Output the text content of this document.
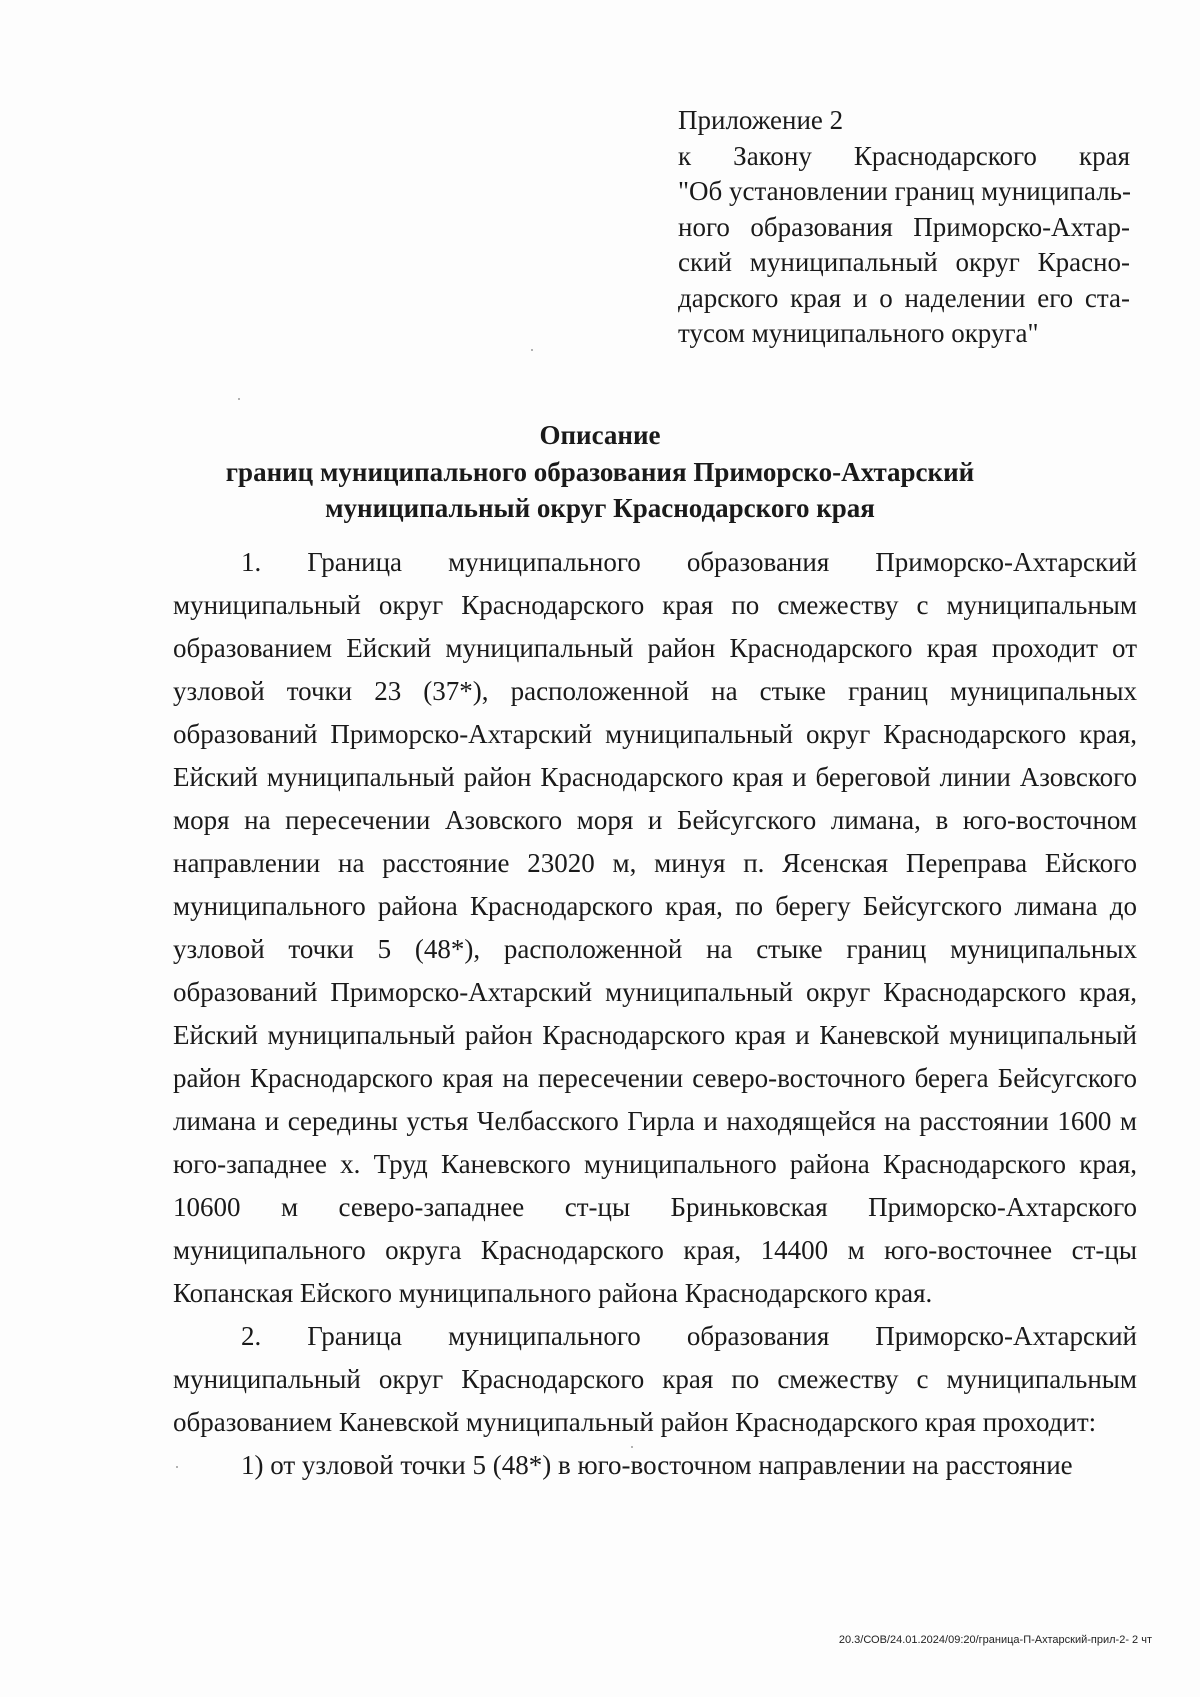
Приложение 2
к Закону Краснодарского края
"Об установлении границ муниципаль-
ного образования Приморско-Ахтар-
ский муниципальный округ Красно-
дарского края и о наделении его ста-
тусом муниципального округа"
Описание
границ муниципального образования Приморско-Ахтарский
муниципальный округ Краснодарского края

1. Граница муниципального образования Приморско-Ахтарский муниципальный округ Краснодарского края по смежеству с муниципальным образованием Ейский муниципальный район Краснодарского края проходит от узловой точки 23 (37*), расположенной на стыке границ муниципальных образований Приморско-Ахтарский муниципальный округ Краснодарского края, Ейский муниципальный район Краснодарского края и береговой линии Азовского моря на пересечении Азовского моря и Бейсугского лимана, в юго-восточном направлении на расстояние 23020 м, минуя п. Ясенская Переправа Ейского муниципального района Краснодарского края, по берегу Бейсугского лимана до узловой точки 5 (48*), расположенной на стыке границ муниципальных образований Приморско-Ахтарский муниципальный округ Краснодарского края, Ейский муниципальный район Краснодарского края и Каневской муниципальный район Краснодарского края на пересечении северо-восточного берега Бейсугского лимана и середины устья Челбасского Гирла и находящейся на расстоянии 1600 м юго-западнее х. Труд Каневского муниципального района Краснодарского края, 10600 м северо-западнее ст-цы Бриньковская Приморско-Ахтарского муниципального округа Краснодарского края, 14400 м юго-восточнее ст-цы Копанская Ейского муниципального района Краснодарского края.

2. Граница муниципального образования Приморско-Ахтарский муниципальный округ Краснодарского края по смежеству с муниципальным образованием Каневской муниципальный район Краснодарского края проходит:

1) от узловой точки 5 (48*) в юго-восточном направлении на расстояние

20.3/СОВ/24.01.2024/09:20/граница-П-Ахтарский-прил-2- 2 чт
